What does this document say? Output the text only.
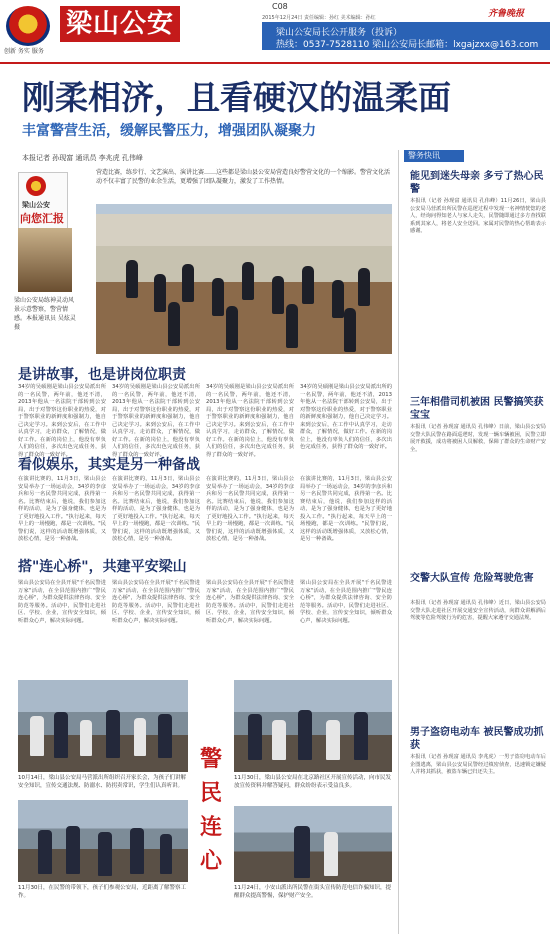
创新 务实 服务
梁山公安
C08
2015年12月24日 责任编辑：孙红 美术编辑：孙红	齐鲁晚报
梁山公安局长公开服务（投诉）
热线：0537-7528110 梁山公安局长邮箱：lxgajzxx@163.com
刚柔相济，且看硬汉的温柔面
丰富警营生活，缓解民警压力，增强团队凝聚力
本报记者 孙现富 通讯员 李兆虎 孔伟峰
梁山公安
向您汇报
梁山公安局练神灵动风景示意警察，警营情感。本报通讯员 吴炫灵 摄
营造比赛，练步行、文艺演出、演讲比赛……这些都是梁山县公安局营造良好警营文化的一个缩影。警营文化活动不仅丰富了民警的业余生活，更增强了团队凝聚力，激发了工作热情。
是讲故事，也是讲岗位职责
34岁的吴硕刚是梁山县公安局派出所的一名民警，两年前，他还不清，2013年他从一名法院干部转到公安局，出于对警察这份职业的热爱，对于警察职业的新鲜度和强制力，他自己决定学习。来到公安后，在工作中认真学习，走访群众，了解情况，做好工作。在新的岗位上，他没有辜负人们的信任，多次出色完成任务，获得了群众的一致好评。
34岁的吴硕刚是梁山县公安局派出所的一名民警，两年前，他还不清，2013年他从一名法院干部转到公安局，出于对警察这份职业的热爱，对于警察职业的新鲜度和强制力，他自己决定学习。来到公安后，在工作中认真学习，走访群众，了解情况，做好工作。在新的岗位上，他没有辜负人们的信任，多次出色完成任务，获得了群众的一致好评。
34岁的吴硕刚是梁山县公安局派出所的一名民警，两年前，他还不清，2013年他从一名法院干部转到公安局，出于对警察这份职业的热爱，对于警察职业的新鲜度和强制力，他自己决定学习。来到公安后，在工作中认真学习，走访群众，了解情况，做好工作。在新的岗位上，他没有辜负人们的信任，多次出色完成任务，获得了群众的一致好评。
34岁的吴硕刚是梁山县公安局派出所的一名民警，两年前，他还不清，2013年他从一名法院干部转到公安局，出于对警察这份职业的热爱，对于警察职业的新鲜度和强制力，他自己决定学习。来到公安后，在工作中认真学习，走访群众，了解情况，做好工作。在新的岗位上，他没有辜负人们的信任，多次出色完成任务，获得了群众的一致好评。
看似娱乐，其实是另一种备战
在演讲比赛的，11月3日，梁山县公安局举办了一场运动会，34岁的李彦兵和另一名民警共同完成，获得第一名。比赛结束后，他说，我们参加这样的活动，是为了强身健体，也是为了更好地投入工作。"执行起来，每天早上的一场慢跑，都是一次训练。"民警们说，这样的活动既增强体质，又放松心情，是另一种备战。
在演讲比赛的，11月3日，梁山县公安局举办了一场运动会，34岁的李彦兵和另一名民警共同完成，获得第一名。比赛结束后，他说，我们参加这样的活动，是为了强身健体，也是为了更好地投入工作。"执行起来，每天早上的一场慢跑，都是一次训练。"民警们说，这样的活动既增强体质，又放松心情，是另一种备战。
在演讲比赛的，11月3日，梁山县公安局举办了一场运动会，34岁的李彦兵和另一名民警共同完成，获得第一名。比赛结束后，他说，我们参加这样的活动，是为了强身健体，也是为了更好地投入工作。"执行起来，每天早上的一场慢跑，都是一次训练。"民警们说，这样的活动既增强体质，又放松心情，是另一种备战。
在演讲比赛的，11月3日，梁山县公安局举办了一场运动会，34岁的李彦兵和另一名民警共同完成，获得第一名。比赛结束后，他说，我们参加这样的活动，是为了强身健体，也是为了更好地投入工作。"执行起来，每天早上的一场慢跑，都是一次训练。"民警们说，这样的活动既增强体质，又放松心情，是另一种备战。
搭"连心桥"，共建平安梁山
梁山县公安局在全县开展"千名民警进万家"活动，在全县范围内推广"警民连心桥"，为群众提供法律咨询、安全防范等服务。活动中，民警们走进社区、学校、企业，宣传安全知识，倾听群众心声，解决实际问题。
梁山县公安局在全县开展"千名民警进万家"活动，在全县范围内推广"警民连心桥"，为群众提供法律咨询、安全防范等服务。活动中，民警们走进社区、学校、企业，宣传安全知识，倾听群众心声，解决实际问题。
梁山县公安局在全县开展"千名民警进万家"活动，在全县范围内推广"警民连心桥"，为群众提供法律咨询、安全防范等服务。活动中，民警们走进社区、学校、企业，宣传安全知识，倾听群众心声，解决实际问题。
梁山县公安局在全县开展"千名民警进万家"活动，在全县范围内推广"警民连心桥"，为群众提供法律咨询、安全防范等服务。活动中，民警们走进社区、学校、企业，宣传安全知识，倾听群众心声，解决实际问题。
10月14日，梁山县公安局马营派出所组织召开家长会，为孩子们讲解安全知识，宣传交通法规、防溺水、防拐卖常识，学生们认真听讲。
11月30日，在民警的带领下，孩子们参观公安局，近距离了解警察工作。
警
民
连
心
11月30日，梁山县公安局在北京路社区开展宣传活动，向市民发放宣传资料并解答疑问，群众纷纷表示受益良多。
11月24日，小安山派出所民警在街头宣传防范电信诈骗知识，提醒群众提高警惕，保护财产安全。
警务快讯
能见到迷失母亲 多亏了热心民警
本报讯（记者 孙现富 通讯员 孔伟峰）11月26日，梁山县公安局马营派出所民警在巡逻过程中发现一名神情恍惚的老人，经询问得知老人与家人走失，民警随即通过多方查找联系到其家人，将老人安全送回。家属对民警的热心帮助表示感谢。
三年相借司机被困 民警搞笑获宝宝
本报讯（记者 孙现富 通讯员 孔伟峰）日前，梁山县公安局交警大队民警在路面巡逻时，发现一辆车辆被困，民警立即展开救援，成功将被困人员解救，保障了群众的生命财产安全。
交警大队宣传 危险驾驶危害
本报讯（记者 孙现富 通讯员 孔伟峰）近日，梁山县公安局交警大队走进社区开展交通安全宣传活动，向群众讲解酒后驾驶等危险驾驶行为的危害，提醒大家遵守交通法规。
男子盗窃电动车 被民警成功抓获
本报讯（记者 孙现富 通讯员 李兆虎）一男子盗窃电动车后企图逃离，梁山县公安局民警经过缜密侦查，迅速锁定嫌疑人并将其抓获，被盗车辆已归还失主。
